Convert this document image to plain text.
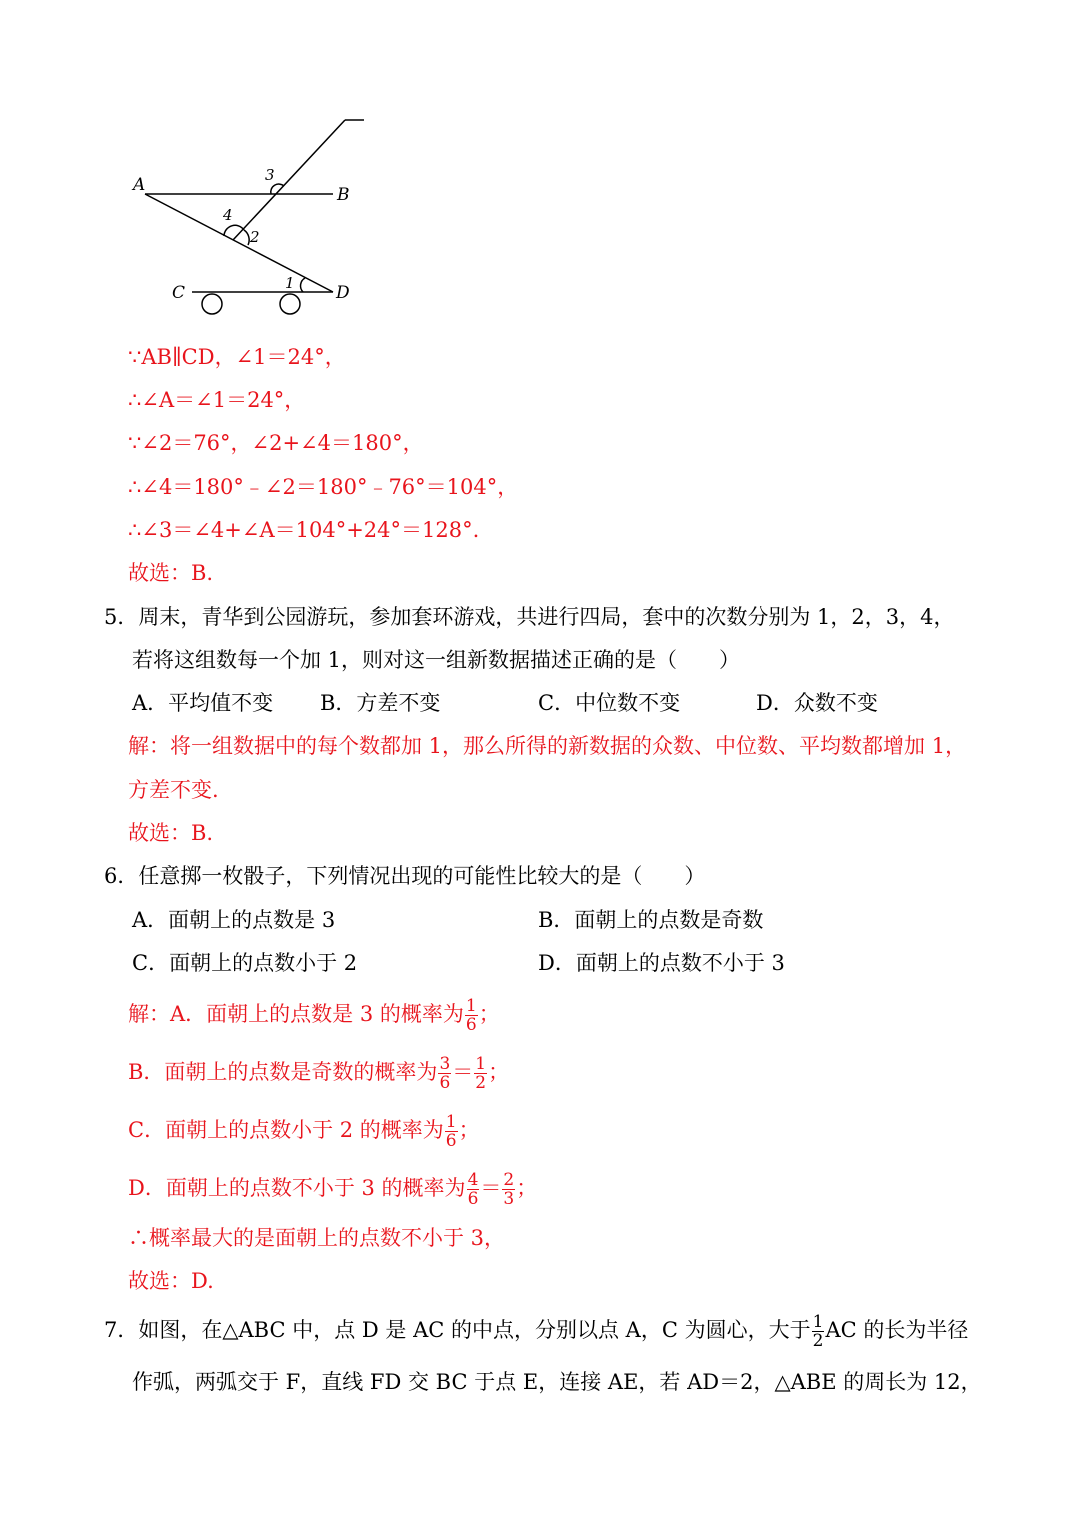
A	B
C	D
3
4
2
1
∵AB∥CD，∠1＝24°，
∴∠A＝∠1＝24°，
∵∠2＝76°，∠2+∠4＝180°，
∴∠4＝180°﹣∠2＝180°﹣76°＝104°，
∴∠3＝∠4+∠A＝104°+24°＝128°.
故选：B.
5．周末，青华到公园游玩，参加套环游戏，共进行四局，套中的次数分别为 1，2，3，4，
若将这组数每一个加 1，则对这一组新数据描述正确的是（　　）
A．平均值不变 B．方差不变	C．中位数不变	D．众数不变
解：将一组数据中的每个数都加 1，那么所得的新数据的众数、中位数、平均数都增加 1，
方差不变.
故选：B.
6．任意掷一枚骰子，下列情况出现的可能性比较大的是（　　）
A．面朝上的点数是 3	B．面朝上的点数是奇数
C．面朝上的点数小于 2	D．面朝上的点数不小于 3
解：A．面朝上的点数是 3 的概率为 $\frac{1}{6}$ ；
B．面朝上的点数是奇数的概率为 $\frac{3}{6} = \frac{1}{2}$ ；
C．面朝上的点数小于 2 的概率为 $\frac{1}{6}$ ；
D．面朝上的点数不小于 3 的概率为 $\frac{4}{6} = \frac{2}{3}$ ；
∴概率最大的是面朝上的点数不小于 3，
故选：D.
7．如图，在△ABC 中，点 D 是 AC 的中点，分别以点 A，C 为圆心，大于 $\frac{1}{2}$ AC 的长为半径
作弧，两弧交于 F，直线 FD 交 BC 于点 E，连接 AE，若 AD＝2，△ABE 的周长为 12，
